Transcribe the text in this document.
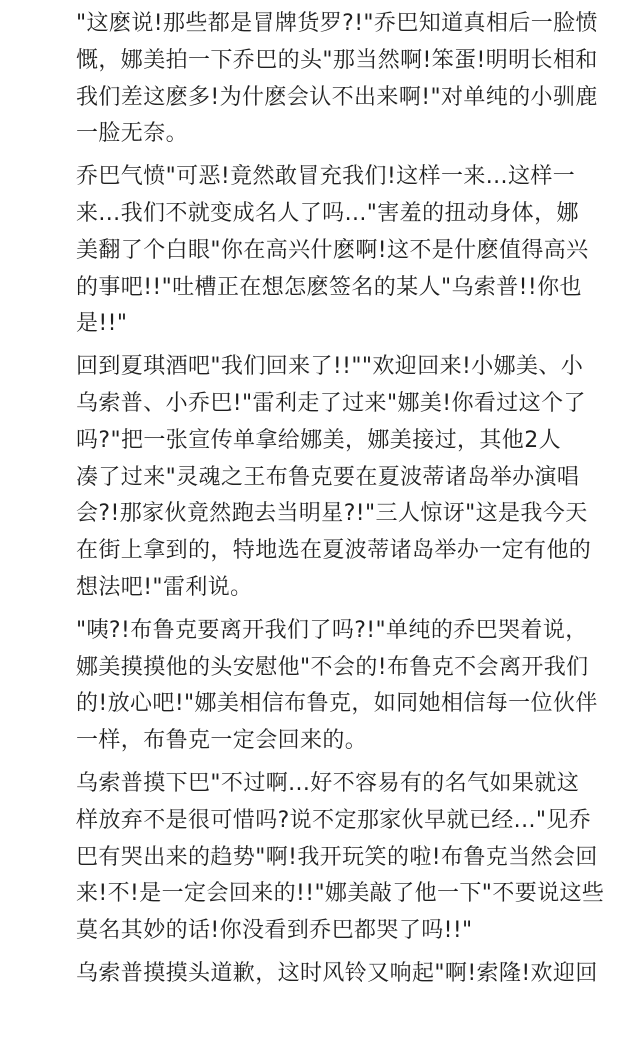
"这麽说!那些都是冒牌货罗?!"乔巴知道真相后一脸愤
慨，娜美拍一下乔巴的头"那当然啊!笨蛋!明明长相和
我们差这麽多!为什麽会认不出来啊!"对单纯的小驯鹿
一脸无奈。
乔巴气愤"可恶!竟然敢冒充我们!这样一来...这样一
来...我们不就变成名人了吗..."害羞的扭动身体，娜
美翻了个白眼"你在高兴什麽啊!这不是什麽值得高兴
的事吧!!"吐槽正在想怎麽签名的某人"乌索普!!你也
是!!"
回到夏琪酒吧"我们回来了!!""欢迎回来!小娜美、小
乌索普、小乔巴!"雷利走了过来"娜美!你看过这个了
吗?"把一张宣传单拿给娜美，娜美接过，其他2人
凑了过来"灵魂之王布鲁克要在夏波蒂诸岛举办演唱
会?!那家伙竟然跑去当明星?!"三人惊讶"这是我今天
在街上拿到的，特地选在夏波蒂诸岛举办一定有他的
想法吧!"雷利说。
"咦?!布鲁克要离开我们了吗?!"单纯的乔巴哭着说，
娜美摸摸他的头安慰他"不会的!布鲁克不会离开我们
的!放心吧!"娜美相信布鲁克，如同她相信每一位伙伴
一样，布鲁克一定会回来的。
乌索普摸下巴"不过啊...好不容易有的名气如果就这
样放弃不是很可惜吗?说不定那家伙早就已经..."见乔
巴有哭出来的趋势"啊!我开玩笑的啦!布鲁克当然会回
来!不!是一定会回来的!!"娜美敲了他一下"不要说这些
莫名其妙的话!你没看到乔巴都哭了吗!!"
乌索普摸摸头道歉，这时风铃又响起"啊!索隆!欢迎回
